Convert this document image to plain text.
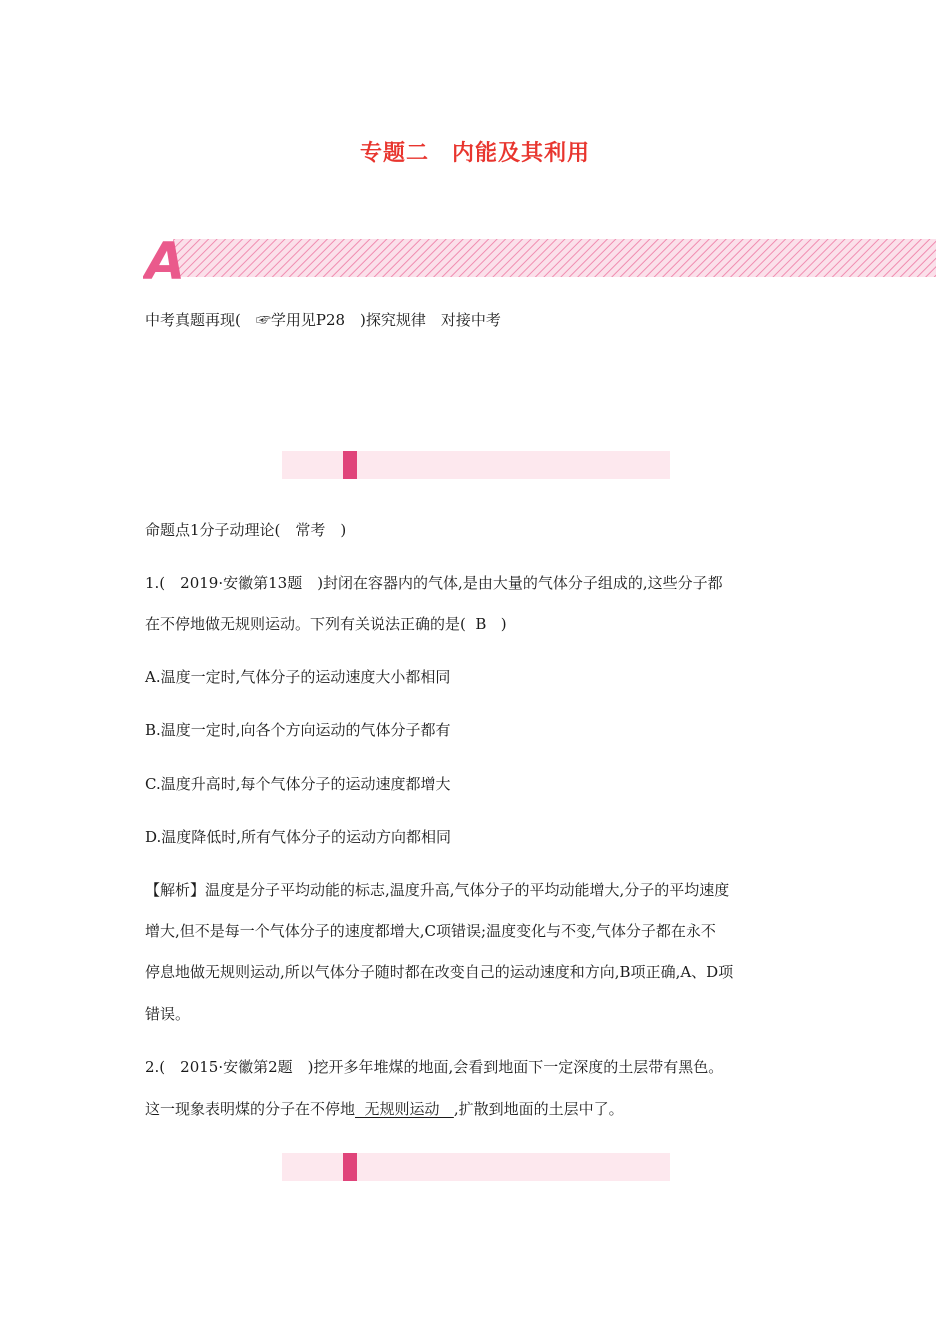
专题二　内能及其利用
A
中考真题再现(　☞学用见P28　)探究规律　对接中考
命题点1分子动理论(　常考　)
1.(　2019·安徽第13题　)封闭在容器内的气体,是由大量的气体分子组成的,这些分子都
在不停地做无规则运动。下列有关说法正确的是(  B   )
A.温度一定时,气体分子的运动速度大小都相同
B.温度一定时,向各个方向运动的气体分子都有
C.温度升高时,每个气体分子的运动速度都增大
D.温度降低时,所有气体分子的运动方向都相同
【解析】温度是分子平均动能的标志,温度升高,气体分子的平均动能增大,分子的平均速度
增大,但不是每一个气体分子的速度都增大,C项错误;温度变化与不变,气体分子都在永不
停息地做无规则运动,所以气体分子随时都在改变自己的运动速度和方向,B项正确,A、D项
错误。
2.(　2015·安徽第2题　)挖开多年堆煤的地面,会看到地面下一定深度的土层带有黑色。
这一现象表明煤的分子在不停地  无规则运动   ,扩散到地面的土层中了。
